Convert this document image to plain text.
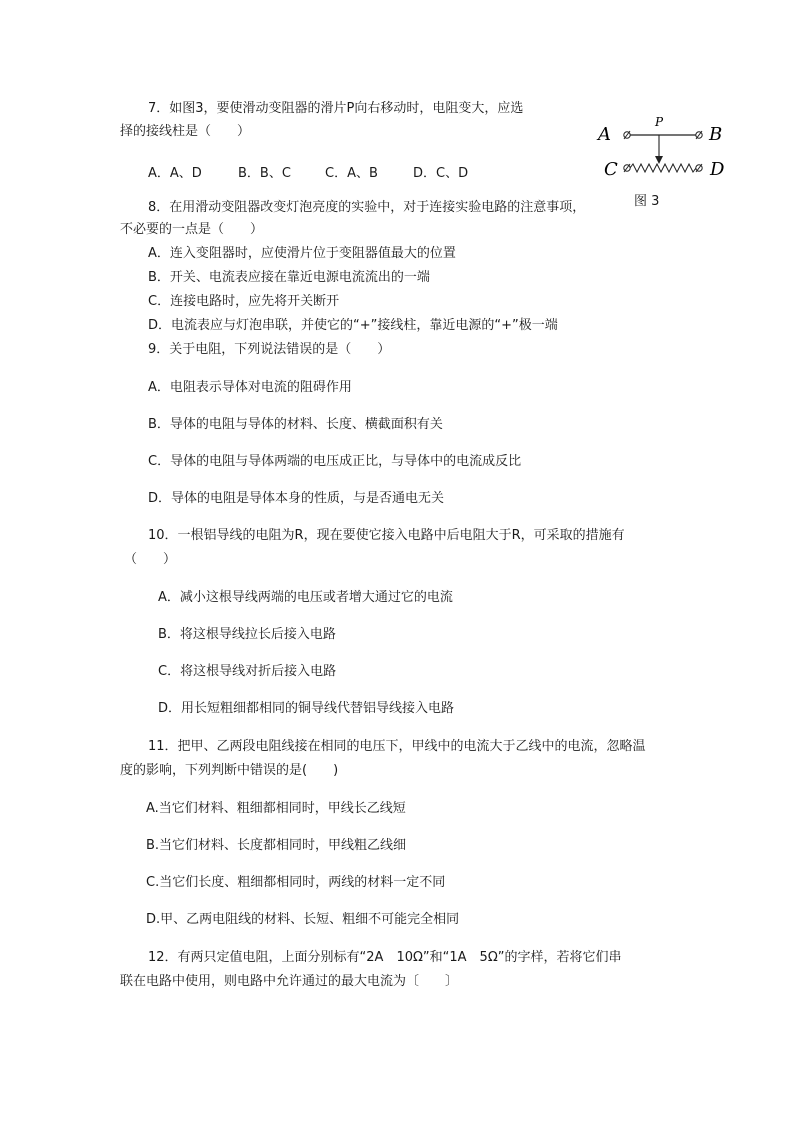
7．如图3，要使滑动变阻器的滑片P向右移动时，电阻变大，应选
择的接线柱是（　　）
A．A、D	B．B、C	C．A、B	D．C、D
A	B
C	D
P
图 3
8．在用滑动变阻器改变灯泡亮度的实验中，对于连接实验电路的注意事项，
不必要的一点是（　　）
A．连入变阻器时，应使滑片位于变阻器值最大的位置
B．开关、电流表应接在靠近电源电流流出的一端
C．连接电路时，应先将开关断开
D．电流表应与灯泡串联，并使它的“+”接线柱，靠近电源的“+”极一端
9．关于电阻，下列说法错误的是（　　）
A．电阻表示导体对电流的阻碍作用
B．导体的电阻与导体的材料、长度、横截面积有关
C．导体的电阻与导体两端的电压成正比，与导体中的电流成反比
D．导体的电阻是导体本身的性质，与是否通电无关
10．一根铝导线的电阻为R，现在要使它接入电路中后电阻大于R，可采取的措施有
（　　）
A．减小这根导线两端的电压或者增大通过它的电流
B．将这根导线拉长后接入电路
C．将这根导线对折后接入电路
D．用长短粗细都相同的铜导线代替铝导线接入电路
11．把甲、乙两段电阻线接在相同的电压下，甲线中的电流大于乙线中的电流，忽略温
度的影响，下列判断中错误的是(　　)
A.当它们材料、粗细都相同时，甲线长乙线短
B.当它们材料、长度都相同时，甲线粗乙线细
C.当它们长度、粗细都相同时，两线的材料一定不同
D.甲、乙两电阻线的材料、长短、粗细不可能完全相同
12．有两只定值电阻，上面分别标有“2A　10Ω”和“1A　5Ω”的字样，若将它们串
联在电路中使用，则电路中允许通过的最大电流为〔　　〕
